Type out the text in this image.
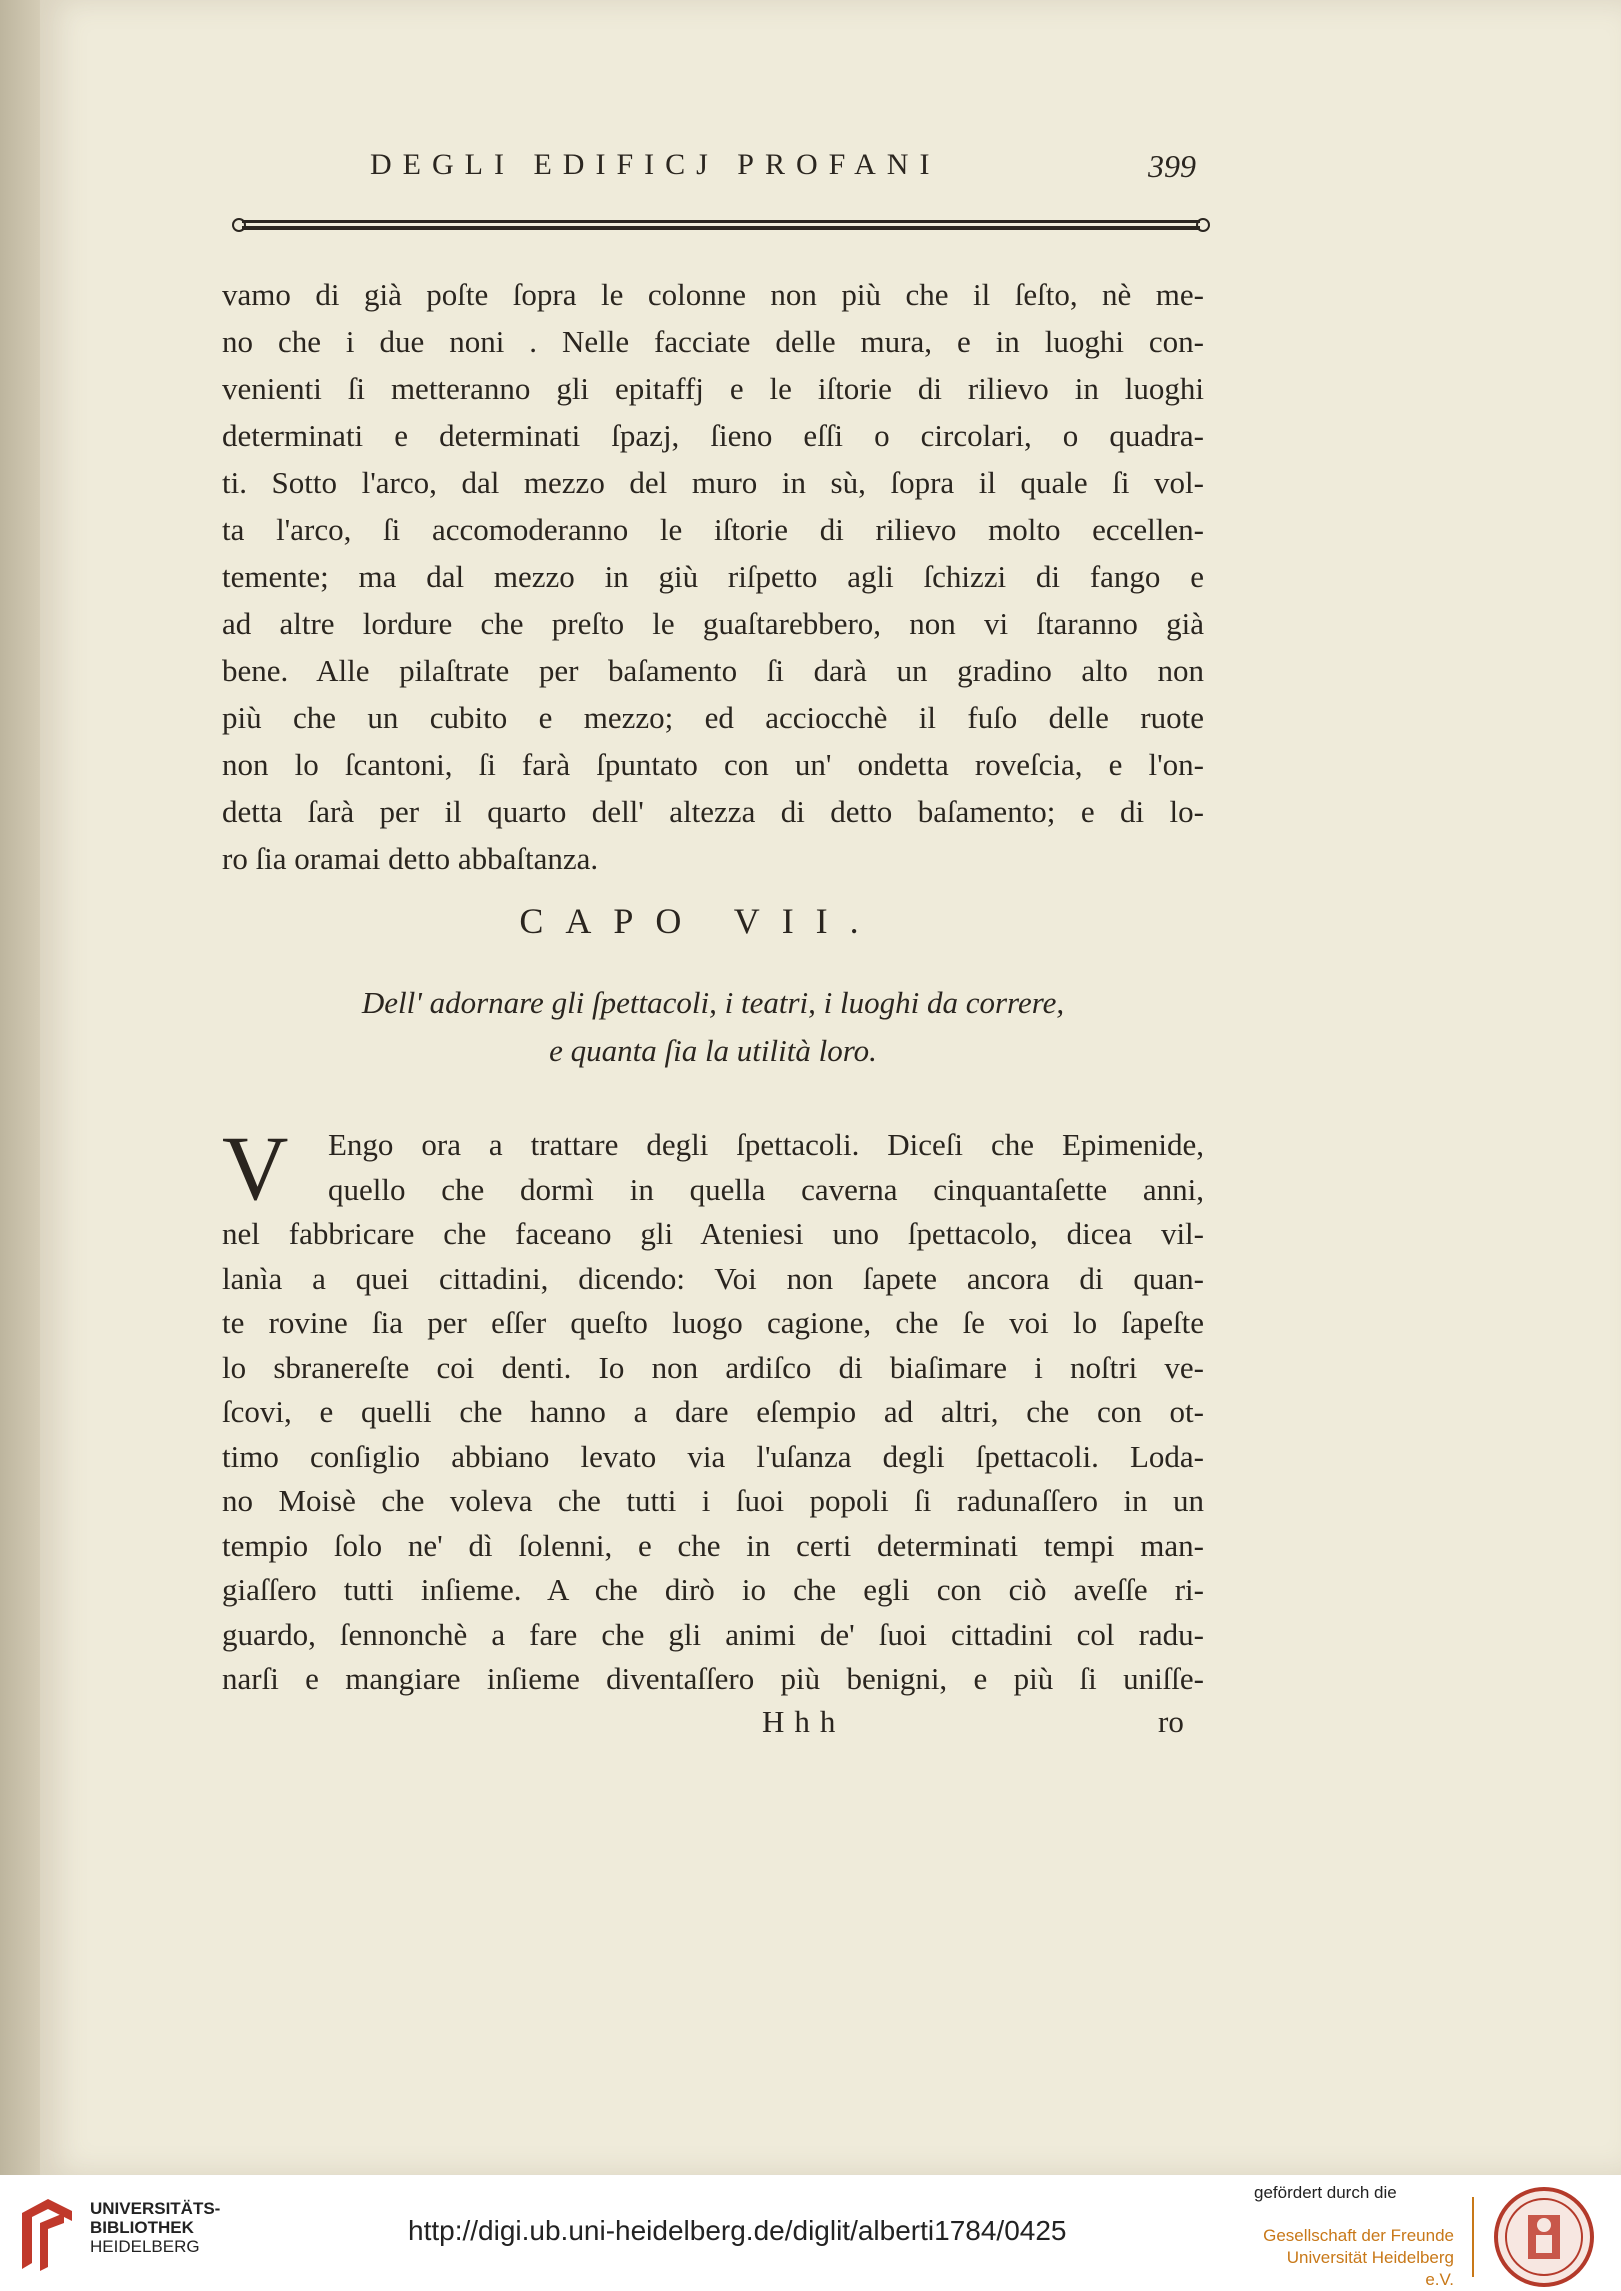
DEGLI EDIFICJ PROFANI	399
vamo di già poſte ſopra le colonne non più che il ſeſto, nè me-
no che i due noni . Nelle facciate delle mura, e in luoghi con-
venienti ſi metteranno gli epitaffj e le iſtorie di rilievo in luoghi
determinati e determinati ſpazj, ſieno eſſi o circolari, o quadra-
ti. Sotto l'arco, dal mezzo del muro in sù, ſopra il quale ſi vol-
ta l'arco, ſi accomoderanno le iſtorie di rilievo molto eccellen-
temente; ma dal mezzo in giù riſpetto agli ſchizzi di fango e
ad altre lordure che preſto le guaſtarebbero, non vi ſtaranno già
bene. Alle pilaſtrate per baſamento ſi darà un gradino alto non
più che un cubito e mezzo; ed acciocchè il fuſo delle ruote
non lo ſcantoni, ſi farà ſpuntato con un' ondetta roveſcia, e l'on-
detta ſarà per il quarto dell' altezza di detto baſamento; e di lo-
ro ſia oramai detto abbaſtanza.
CAPO VII.
Dell' adornare gli ſpettacoli, i teatri, i luoghi da correre,
e quanta ſia la utilità loro.
V Engo ora a trattare degli ſpettacoli. Diceſi che Epimenide,
quello che dormì in quella caverna cinquantaſette anni,
nel fabbricare che faceano gli Ateniesi uno ſpettacolo, dicea vil-
lanìa a quei cittadini, dicendo: Voi non ſapete ancora di quan-
te rovine ſia per eſſer queſto luogo cagione, che ſe voi lo ſapeſte
lo sbranereſte coi denti. Io non ardiſco di biaſimare i noſtri ve-
ſcovi, e quelli che hanno a dare eſempio ad altri, che con ot-
timo conſiglio abbiano levato via l'uſanza degli ſpettacoli. Loda-
no Moisè che voleva che tutti i ſuoi popoli ſi radunaſſero in un
tempio ſolo ne' dì ſolenni, e che in certi determinati tempi man-
giaſſero tutti inſieme. A che dirò io che egli con ciò aveſſe ri-
guardo, ſennonchè a fare che gli animi de' ſuoi cittadini col radu-
narſi e mangiare inſieme diventaſſero più benigni, e più ſi uniſſe-
Hhh	ro
UNIVERSITÄTS-
BIBLIOTHEK
HEIDELBERG
http://digi.ub.uni-heidelberg.de/diglit/alberti1784/0425
gefördert durch die
Gesellschaft der Freunde
Universität Heidelberg e.V.
